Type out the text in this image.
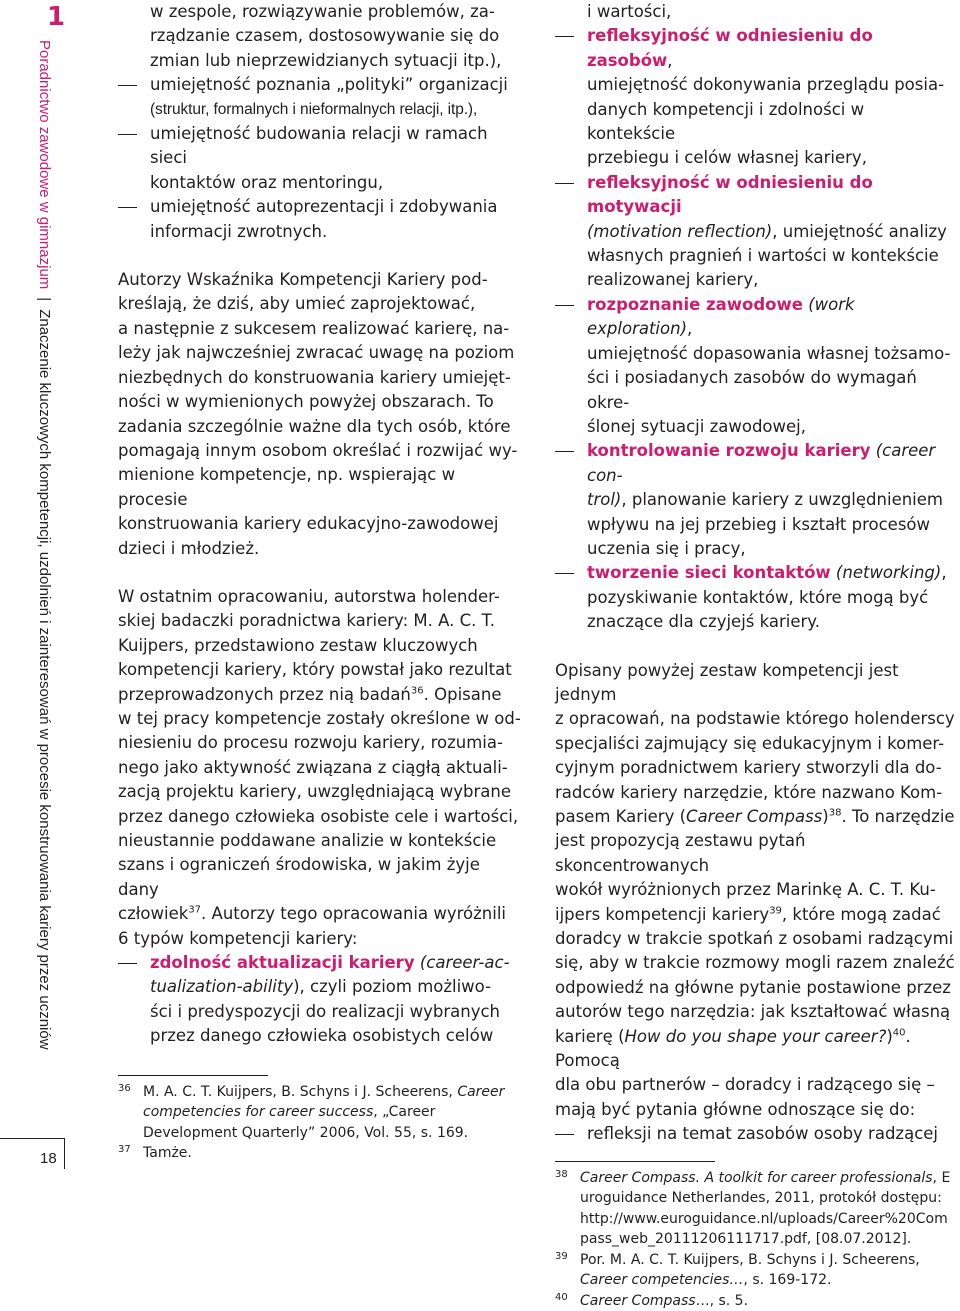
1
Poradnictwo zawodowe w gimnazjum|Znaczenie kluczowych kompetencji, uzdolnień i zainteresowań w procesie konstruowania kariery przez uczniów
18
w zespole, rozwiązywanie problemów, za-
rządzanie czasem, dostosowywanie się do
zmian lub nieprzewidzianych sytuacji itp.),
umiejętność poznania „polityki” organizacji
(struktur, formalnych i nieformalnych relacji, itp.),
umiejętność budowania relacji w ramach sieci
kontaktów oraz mentoringu,
umiejętność autoprezentacji i zdobywania
informacji zwrotnych.
Autorzy Wskaźnika Kompetencji Kariery pod-
kreślają, że dziś, aby umieć zaprojektować,
a następnie z sukcesem realizować karierę, na-
leży jak najwcześniej zwracać uwagę na poziom
niezbędnych do konstruowania kariery umiejęt-
ności w wymienionych powyżej obszarach. To
zadania szczególnie ważne dla tych osób, które
pomagają innym osobom określać i rozwijać wy-
mienione kompetencje, np. wspierając w procesie
konstruowania kariery edukacyjno-zawodowej
dzieci i młodzież.
W ostatnim opracowaniu, autorstwa holender-
skiej badaczki poradnictwa kariery: M. A. C. T.
Kuijpers, przedstawiono zestaw kluczowych
kompetencji kariery, który powstał jako rezultat
przeprowadzonych przez nią badań$^{36}$. Opisane
w tej pracy kompetencje zostały określone w od-
niesieniu do procesu rozwoju kariery, rozumia-
nego jako aktywność związana z ciągłą aktuali-
zacją projektu kariery, uwzględniającą wybrane
przez danego człowieka osobiste cele i wartości,
nieustannie poddawane analizie w kontekście
szans i ograniczeń środowiska, w jakim żyje dany
człowiek$^{37}$. Autorzy tego opracowania wyróżnili
6 typów kompetencji kariery:
zdolność aktualizacji kariery (career-ac-
tualization-ability), czyli poziom możliwo-
ści i predyspozycji do realizacji wybranych
przez danego człowieka osobistych celów

36 M. A. C. T. Kuijpers, B. Schyns i J. Scheerens, Career competencies for career success, „Career Development Quarterly” 2006, Vol. 55, s. 169.

37 Tamże.

i wartości,
refleksyjność w odniesieniu do zasobów,
umiejętność dokonywania przeglądu posia-
danych kompetencji i zdolności w kontekście
przebiegu i celów własnej kariery,
refleksyjność w odniesieniu do motywacji
(motivation reflection), umiejętność analizy
własnych pragnień i wartości w kontekście
realizowanej kariery,
rozpoznanie zawodowe (work exploration),
umiejętność dopasowania własnej tożsamo-
ści i posiadanych zasobów do wymagań okre-
ślonej sytuacji zawodowej,
kontrolowanie rozwoju kariery (career con-
trol), planowanie kariery z uwzględnieniem
wpływu na jej przebieg i kształt procesów
uczenia się i pracy,
tworzenie sieci kontaktów (networking),
pozyskiwanie kontaktów, które mogą być
znaczące dla czyjejś kariery.
Opisany powyżej zestaw kompetencji jest jednym
z opracowań, na podstawie którego holenderscy
specjaliści zajmujący się edukacyjnym i komer-
cyjnym poradnictwem kariery stworzyli dla do-
radców kariery narzędzie, które nazwano Kom-
pasem Kariery (Career Compass)$^{38}$. To narzędzie
jest propozycją zestawu pytań skoncentrowanych
wokół wyróżnionych przez Marinkę A. C. T. Ku-
ijpers kompetencji kariery$^{39}$, które mogą zadać
doradcy w trakcie spotkań z osobami radzącymi
się, aby w trakcie rozmowy mogli razem znaleźć
odpowiedź na główne pytanie postawione przez
autorów tego narzędzia: jak kształtować własną
karierę (How do you shape your career?)$^{40}$. Pomocą
dla obu partnerów – doradcy i radzącego się –
mają być pytania główne odnoszące się do:
refleksji na temat zasobów osoby radzącej

38 Career Compass. A toolkit for career professionals, Euroguidance Netherlandes, 2011, protokół dostępu: http://www.euroguidance.nl/uploads/Career%20Compass_web_20111206111717.pdf, [08.07.2012].

39 Por. M. A. C. T. Kuijpers, B. Schyns i J. Scheerens, Career competencies…, s. 169-172.

40 Career Compass…, s. 5.
